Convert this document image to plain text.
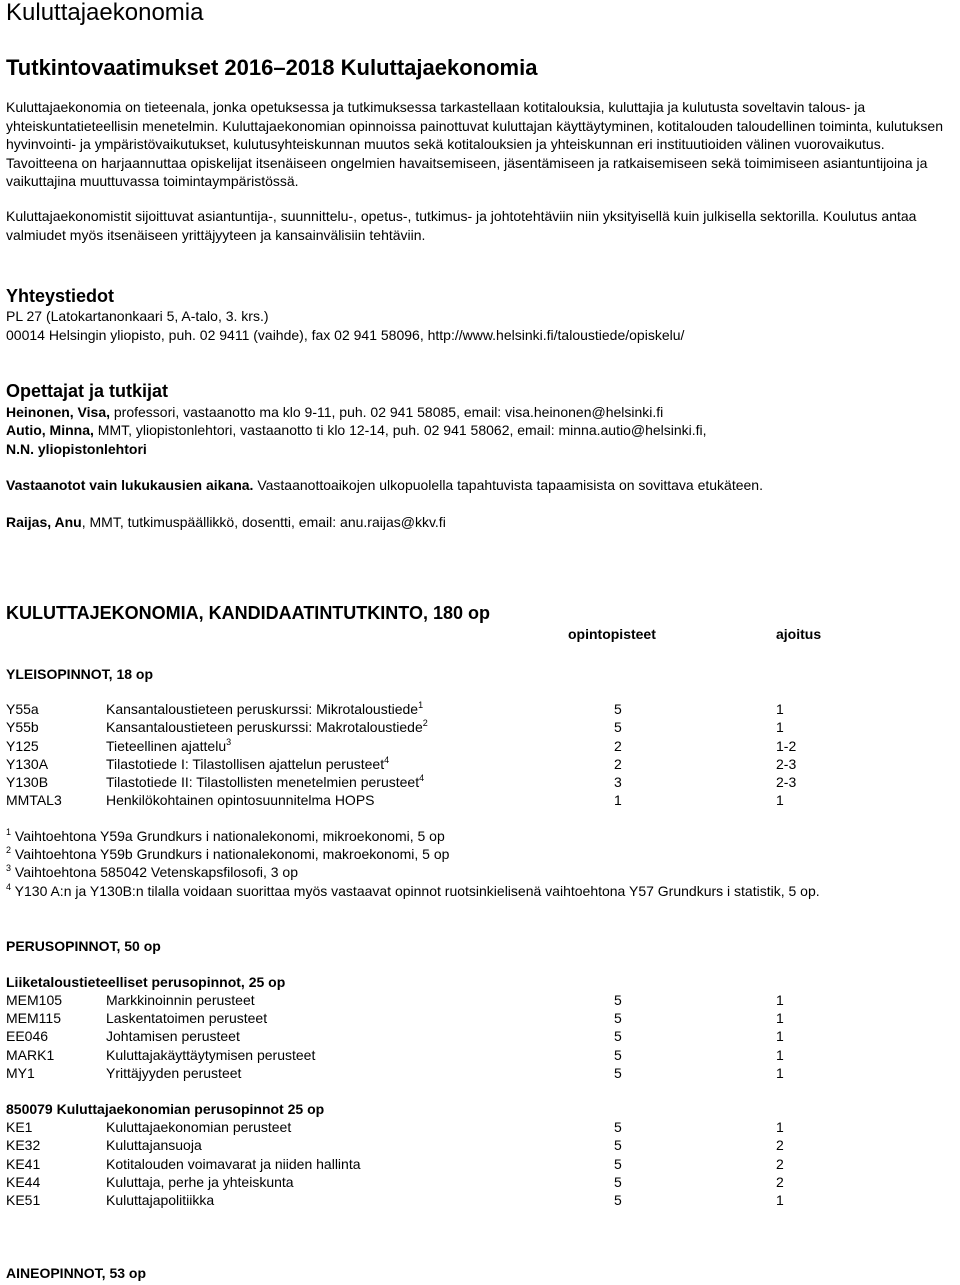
Kuluttajaekonomia
Tutkintovaatimukset 2016–2018 Kuluttajaekonomia
Kuluttajaekonomia on tieteenala, jonka opetuksessa ja tutkimuksessa tarkastellaan kotitalouksia, kuluttajia ja kulutusta soveltavin talous- ja yhteiskuntatieteellisin menetelmin. Kuluttajaekonomian opinnoissa painottuvat kuluttajan käyttäytyminen, kotitalouden taloudellinen toiminta, kulutuksen hyvinvointi- ja ympäristövaikutukset, kulutusyhteiskunnan muutos sekä kotitalouksien ja yhteiskunnan eri instituutioiden välinen vuorovaikutus. Tavoitteena on harjaannuttaa opiskelijat itsenäiseen ongelmien havaitsemiseen, jäsentämiseen ja ratkaisemiseen sekä toimimiseen asiantuntijoina ja vaikuttajina muuttuvassa toimintaympäristössä.
Kuluttajaekonomistit sijoittuvat asiantuntija-, suunnittelu-, opetus-, tutkimus- ja johtotehtäviin niin yksityisellä kuin julkisella sektorilla. Koulutus antaa valmiudet myös itsenäiseen yrittäjyyteen ja kansainvälisiin tehtäviin.
Yhteystiedot
PL 27 (Latokartanonkaari 5, A-talo, 3. krs.)
00014 Helsingin yliopisto, puh. 02 9411 (vaihde), fax 02 941 58096, http://www.helsinki.fi/taloustiede/opiskelu/
Opettajat ja tutkijat
Heinonen, Visa, professori, vastaanotto ma klo 9-11, puh. 02 941 58085, email: visa.heinonen@helsinki.fi
Autio, Minna, MMT, yliopistonlehtori, vastaanotto ti klo 12-14, puh. 02 941 58062, email: minna.autio@helsinki.fi,
N.N. yliopistonlehtori
Vastaanotot vain lukukausien aikana. Vastaanottoaikojen ulkopuolella tapahtuvista tapaamisista on sovittava etukäteen.
Raijas, Anu, MMT, tutkimuspäällikkö, dosentti, email: anu.raijas@kkv.fi
KULUTTAJEKONOMIA, KANDIDAATINTUTKINTO, 180 op
opintopisteet	ajoitus
YLEISOPINNOT, 18 op
Y55a	Kansantaloustieteen peruskurssi: Mikrotaloustiede$^1$	5	1
Y55b	Kansantaloustieteen peruskurssi: Makrotaloustiede$^2$	5	1
Y125	Tieteellinen ajattelu$^3$	2	1-2
Y130A	Tilastotiede I: Tilastollisen ajattelun perusteet$^4$	2	2-3
Y130B	Tilastotiede II: Tilastollisten menetelmien perusteet$^4$	3	2-3
MMTAL3	Henkilökohtainen opintosuunnitelma HOPS	1	1
$^1$ Vaihtoehtona Y59a Grundkurs i nationalekonomi, mikroekonomi, 5 op
$^2$ Vaihtoehtona Y59b Grundkurs i nationalekonomi, makroekonomi, 5 op
$^3$ Vaihtoehtona 585042 Vetenskapsfilosofi, 3 op
$^4$ Y130 A:n ja Y130B:n tilalla voidaan suorittaa myös vastaavat opinnot ruotsinkielisenä vaihtoehtona Y57 Grundkurs i statistik, 5 op.
PERUSOPINNOT, 50 op
Liiketaloustieteelliset perusopinnot, 25 op
MEM105	Markkinoinnin perusteet	5	1
MEM115	Laskentatoimen perusteet	5	1
EE046	Johtamisen perusteet	5	1
MARK1	Kuluttajakäyttäytymisen perusteet	5	1
MY1	Yrittäjyyden perusteet	5	1
850079 Kuluttajaekonomian perusopinnot 25 op
KE1	Kuluttajaekonomian perusteet	5	1
KE32	Kuluttajansuoja	5	2
KE41	Kotitalouden voimavarat ja niiden hallinta	5	2
KE44	Kuluttaja, perhe ja yhteiskunta	5	2
KE51	Kuluttajapolitiikka	5	1
AINEOPINNOT, 53 op
